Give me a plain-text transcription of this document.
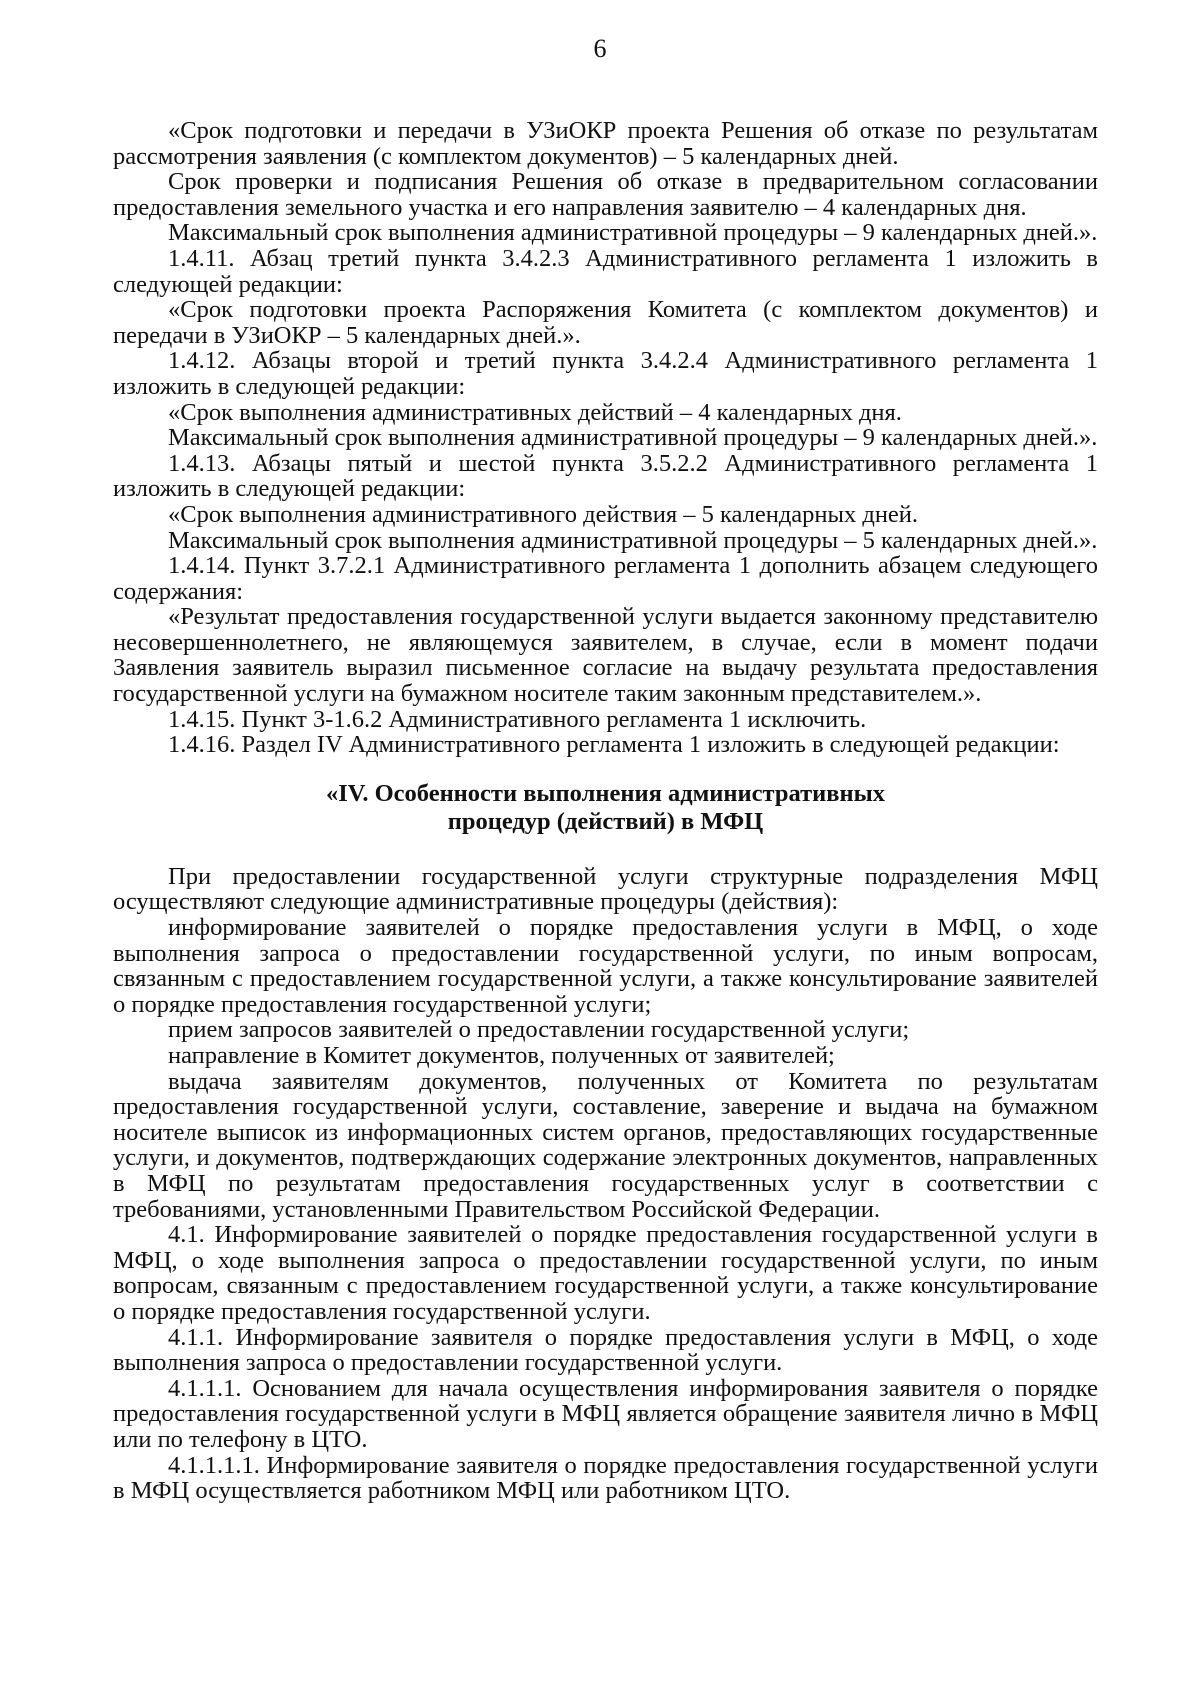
6

«Срок подготовки и передачи в УЗиОКР проекта Решения об отказе по результатам рассмотрения заявления (с комплектом документов) – 5 календарных дней.

Срок проверки и подписания Решения об отказе в предварительном согласовании предоставления земельного участка и его направления заявителю – 4 календарных дня.

Максимальный срок выполнения административной процедуры – 9 календарных дней.».

1.4.11. Абзац третий пункта 3.4.2.3 Административного регламента 1 изложить в следующей редакции:

«Срок подготовки проекта Распоряжения Комитета (с комплектом документов) и передачи в УЗиОКР – 5 календарных дней.».

1.4.12. Абзацы второй и третий пункта 3.4.2.4 Административного регламента 1 изложить в следующей редакции:

«Срок выполнения административных действий – 4 календарных дня.

Максимальный срок выполнения административной процедуры – 9 календарных дней.».

1.4.13. Абзацы пятый и шестой пункта 3.5.2.2 Административного регламента 1 изложить в следующей редакции:

«Срок выполнения административного действия – 5 календарных дней.

Максимальный срок выполнения административной процедуры – 5 календарных дней.».

1.4.14. Пункт 3.7.2.1 Административного регламента 1 дополнить абзацем следующего содержания:

«Результат предоставления государственной услуги выдается законному представителю несовершеннолетнего, не являющемуся заявителем, в случае, если в момент подачи Заявления заявитель выразил письменное согласие на выдачу результата предоставления государственной услуги на бумажном носителе таким законным представителем.».

1.4.15. Пункт 3-1.6.2 Административного регламента 1 исключить.

1.4.16. Раздел IV Административного регламента 1 изложить в следующей редакции:

«IV. Особенности выполнения административных
процедур (действий) в МФЦ

При предоставлении государственной услуги структурные подразделения МФЦ осуществляют следующие административные процедуры (действия):

информирование заявителей о порядке предоставления услуги в МФЦ, о ходе выполнения запроса о предоставлении государственной услуги, по иным вопросам, связанным с предоставлением государственной услуги, а также консультирование заявителей о порядке предоставления государственной услуги;

прием запросов заявителей о предоставлении государственной услуги;

направление в Комитет документов, полученных от заявителей;

выдача заявителям документов, полученных от Комитета по результатам предоставления государственной услуги, составление, заверение и выдача на бумажном носителе выписок из информационных систем органов, предоставляющих государственные услуги, и документов, подтверждающих содержание электронных документов, направленных в МФЦ по результатам предоставления государственных услуг в соответствии с требованиями, установленными Правительством Российской Федерации.

4.1. Информирование заявителей о порядке предоставления государственной услуги в МФЦ, о ходе выполнения запроса о предоставлении государственной услуги, по иным вопросам, связанным с предоставлением государственной услуги, а также консультирование о порядке предоставления государственной услуги.

4.1.1. Информирование заявителя о порядке предоставления услуги в МФЦ, о ходе выполнения запроса о предоставлении государственной услуги.

4.1.1.1. Основанием для начала осуществления информирования заявителя о порядке предоставления государственной услуги в МФЦ является обращение заявителя лично в МФЦ или по телефону в ЦТО.

4.1.1.1.1. Информирование заявителя о порядке предоставления государственной услуги в МФЦ осуществляется работником МФЦ или работником ЦТО.
